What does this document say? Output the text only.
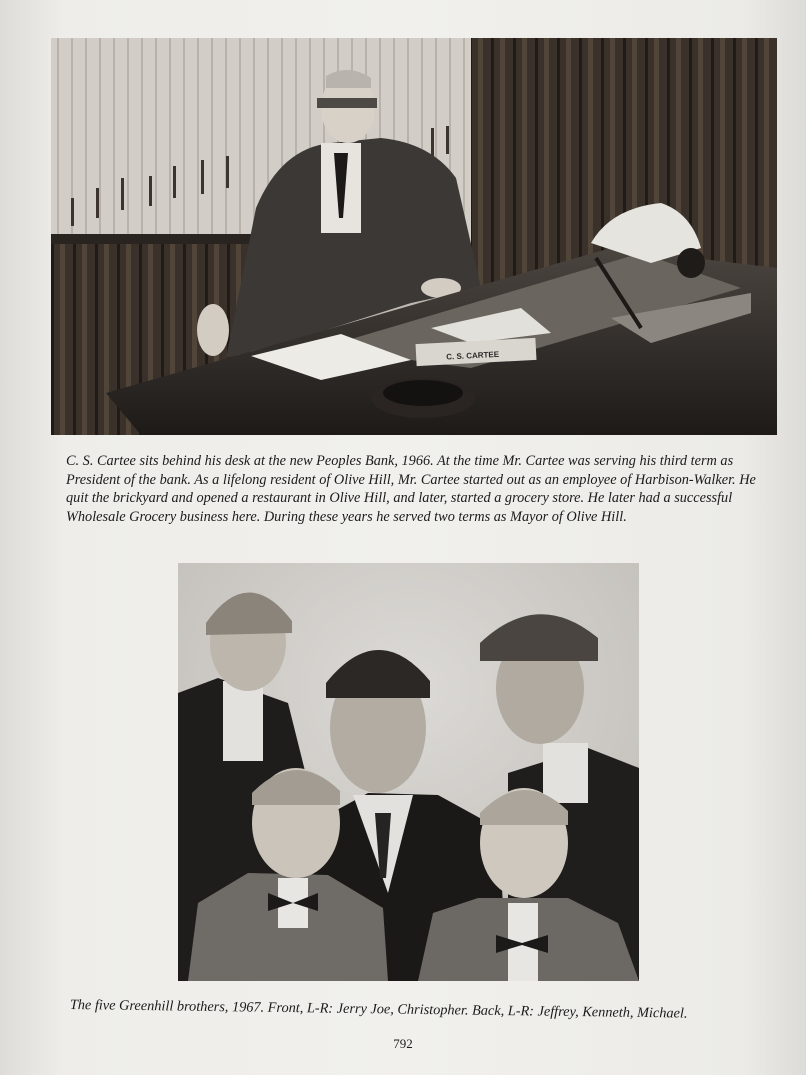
C. S. CARTEE

C. S. Cartee sits behind his desk at the new Peoples Bank, 1966. At the time Mr. Cartee was serving his third term as President of the bank. As a lifelong resident of Olive Hill, Mr. Cartee started out as an employee of Harbison-Walker. He quit the brickyard and opened a restaurant in Olive Hill, and later, started a grocery store. He later had a successful Wholesale Grocery business here. During these years he served two terms as Mayor of Olive Hill.

The five Greenhill brothers, 1967. Front, L-R: Jerry Joe, Christopher. Back, L-R: Jeffrey, Kenneth, Michael.

792
